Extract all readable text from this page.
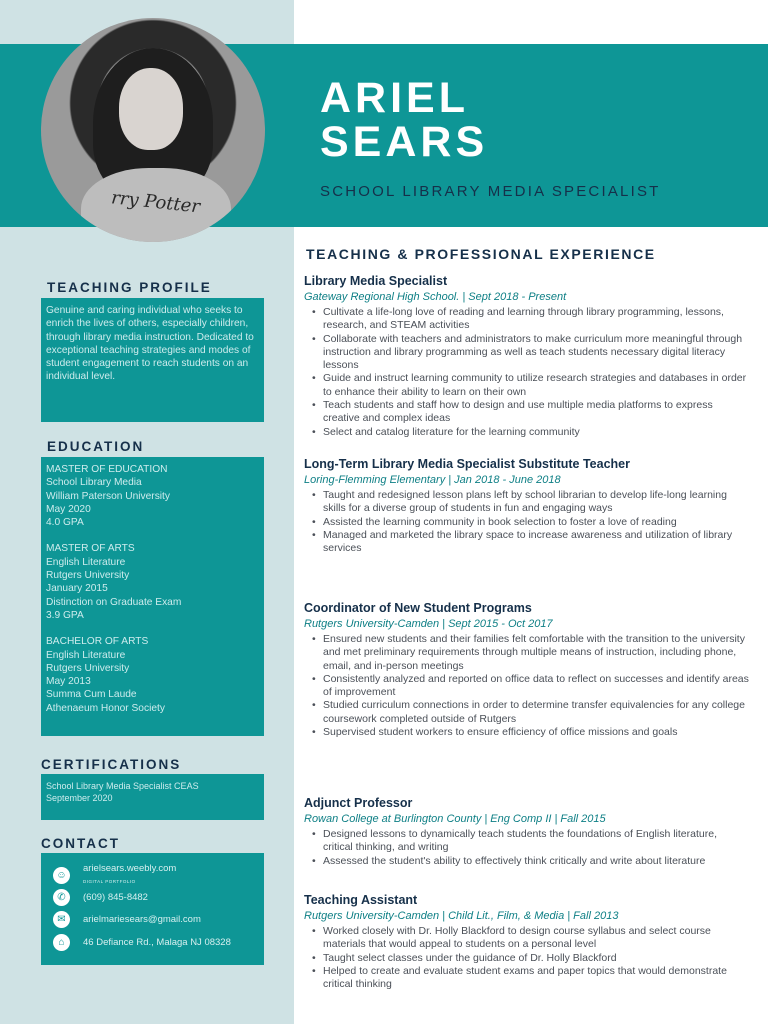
rry Potter
ARIEL
SEARS
SCHOOL LIBRARY MEDIA SPECIALIST
TEACHING PROFILE

Genuine and caring individual who seeks to enrich the lives of others, especially children, through library media instruction. Dedicated to exceptional teaching strategies and modes of student engagement to reach students on an individual level.

EDUCATION

MASTER OF EDUCATION

School Library Media

William Paterson University

May 2020

4.0 GPA

MASTER OF ARTS

English Literature

Rutgers University

January 2015

Distinction on Graduate Exam

3.9 GPA

BACHELOR OF ARTS

English Literature

Rutgers University

May 2013

Summa Cum Laude

Athenaeum Honor Society

CERTIFICATIONS

School Library Media Specialist CEAS

September 2020

CONTACT
☺
arielsears.weebly.com
DIGITAL PORTFOLIO
✆	(609) 845-8482
✉	arielmariesears@gmail.com
⌂	46 Defiance Rd., Malaga NJ 08328
TEACHING & PROFESSIONAL EXPERIENCE
Library Media Specialist
Gateway Regional High School. | Sept 2018 - Present
• Cultivate a life-long love of reading and learning through library programming, lessons, research, and STEAM activities
• Collaborate with teachers and administrators to make curriculum more meaningful through instruction and library programming as well as teach students necessary digital literacy lessons
• Guide and instruct learning community to utilize research strategies and databases in order to enhance their ability to learn on their own
• Teach students and staff how to design and use multiple media platforms to express creative and complex ideas
• Select and catalog literature for the learning community
Long-Term Library Media Specialist Substitute Teacher
Loring-Flemming Elementary | Jan 2018 - June 2018
• Taught and redesigned lesson plans left by school librarian to develop life-long learning skills for a diverse group of students in fun and engaging ways
• Assisted the learning community in book selection to foster a love of reading
• Managed and marketed the library space to increase awareness and utilization of library services
Coordinator of New Student Programs
Rutgers University-Camden | Sept 2015 - Oct 2017
• Ensured new students and their families felt comfortable with the transition to the university and met preliminary requirements through multiple means of instruction, including phone, email, and in-person meetings
• Consistently analyzed and reported on office data to reflect on successes and identify areas of improvement
• Studied curriculum connections in order to determine transfer equivalencies for any college coursework completed outside of Rutgers
• Supervised student workers to ensure efficiency of office missions and goals
Adjunct Professor
Rowan College at Burlington County | Eng Comp II | Fall 2015
• Designed lessons to dynamically teach students the foundations of English literature, critical thinking, and writing
• Assessed the student's ability to effectively think critically and write about literature
Teaching Assistant
Rutgers University-Camden | Child Lit., Film, & Media | Fall 2013
• Worked closely with Dr. Holly Blackford to design course syllabus and select course materials that would appeal to students on a personal level
• Taught select classes under the guidance of Dr. Holly Blackford
• Helped to create and evaluate student exams and paper topics that would demonstrate critical thinking
